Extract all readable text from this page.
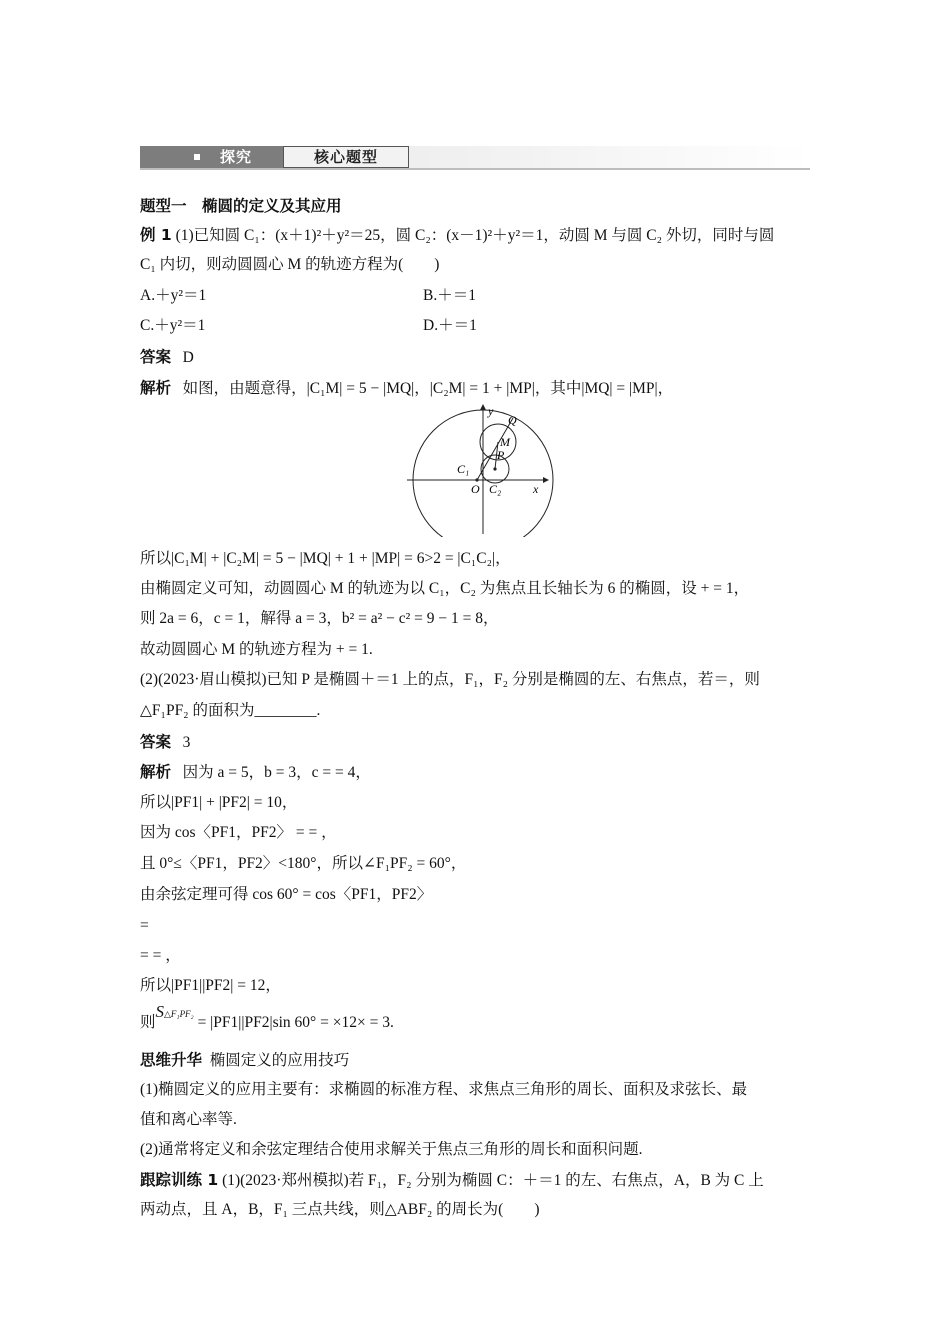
探究	核心题型
题型一　椭圆的定义及其应用
例 1 (1)已知圆 C₁：(x＋1)²＋y²＝25，圆 C₂：(x－1)²＋y²＝1，动圆 M 与圆 C₂ 外切，同时与圆
C₁ 内切，则动圆圆心 M 的轨迹方程为(　　)
A.＋y²＝1	B.＋＝1
C.＋y²＝1	D.＋＝1
答案 D
解析 如图，由题意得，|C₁M| = 5 − |MQ|，|C₂M| = 1 + |MP|，其中|MQ| = |MP|，
y
Q
M
P
C₁
O C₂	x
所以|C₁M| + |C₂M| = 5 − |MQ| + 1 + |MP| = 6>2 = |C₁C₂|，
由椭圆定义可知，动圆圆心 M 的轨迹为以 C₁，C₂ 为焦点且长轴长为 6 的椭圆，设 + = 1，
则 2a = 6，c = 1，解得 a = 3，b² = a² − c² = 9 − 1 = 8，
故动圆圆心 M 的轨迹方程为 + = 1.
(2)(2023·眉山模拟)已知 P 是椭圆＋＝1 上的点，F₁，F₂ 分别是椭圆的左、右焦点，若＝，则
△F₁PF₂ 的面积为________.
答案 3
解析 因为 a = 5，b = 3，c = = 4，
所以|PF1| + |PF2| = 10，
因为 cos〈PF1，PF2〉 = = ，
且 0°≤〈PF1，PF2〉<180°，所以∠F₁PF₂ = 60°，
由余弦定理可得 cos 60° = cos〈PF1，PF2〉
=
= = ，
所以|PF1||PF2| = 12，
则S△F₁PF₂ = |PF1||PF2|sin 60° = ×12× = 3.
思维升华 椭圆定义的应用技巧
(1)椭圆定义的应用主要有：求椭圆的标准方程、求焦点三角形的周长、面积及求弦长、最
值和离心率等.
(2)通常将定义和余弦定理结合使用求解关于焦点三角形的周长和面积问题.
跟踪训练 1 (1)(2023·郑州模拟)若 F₁，F₂ 分别为椭圆 C：＋＝1 的左、右焦点，A，B 为 C 上
两动点，且 A，B，F₁ 三点共线，则△ABF₂ 的周长为(　　)
